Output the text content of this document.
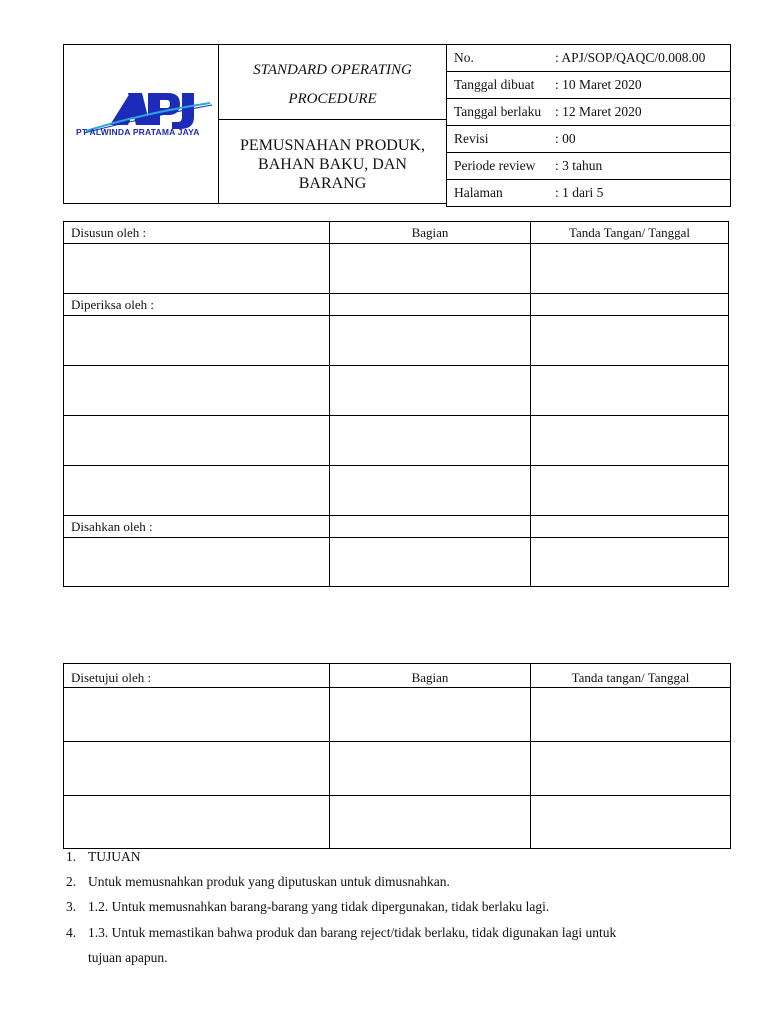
PT ALWINDA PRATAMA JAYA
STANDARD OPERATING
PROCEDURE
PEMUSNAHAN PRODUK,
BAHAN BAKU, DAN
BARANG
No.	: APJ/SOP/QAQC/0.008.00
Tanggal dibuat	: 10 Maret 2020
Tanggal berlaku	: 12 Maret 2020
Revisi	: 00
Periode review	: 3 tahun
Halaman	: 1 dari 5
Disusun oleh :	Bagian	Tanda Tangan/ Tanggal

Diperiksa oleh :		

Disahkan oleh :		

Disetujui oleh :	Bagian	Tanda tangan/ Tanggal

1. TUJUAN
2. Untuk memusnahkan produk yang diputuskan untuk dimusnahkan.
3. 1.2. Untuk memusnahkan barang-barang yang tidak dipergunakan, tidak berlaku lagi.
4. 1.3. Untuk memastikan bahwa produk dan barang reject/tidak berlaku, tidak digunakan lagi untuk
tujuan apapun.
